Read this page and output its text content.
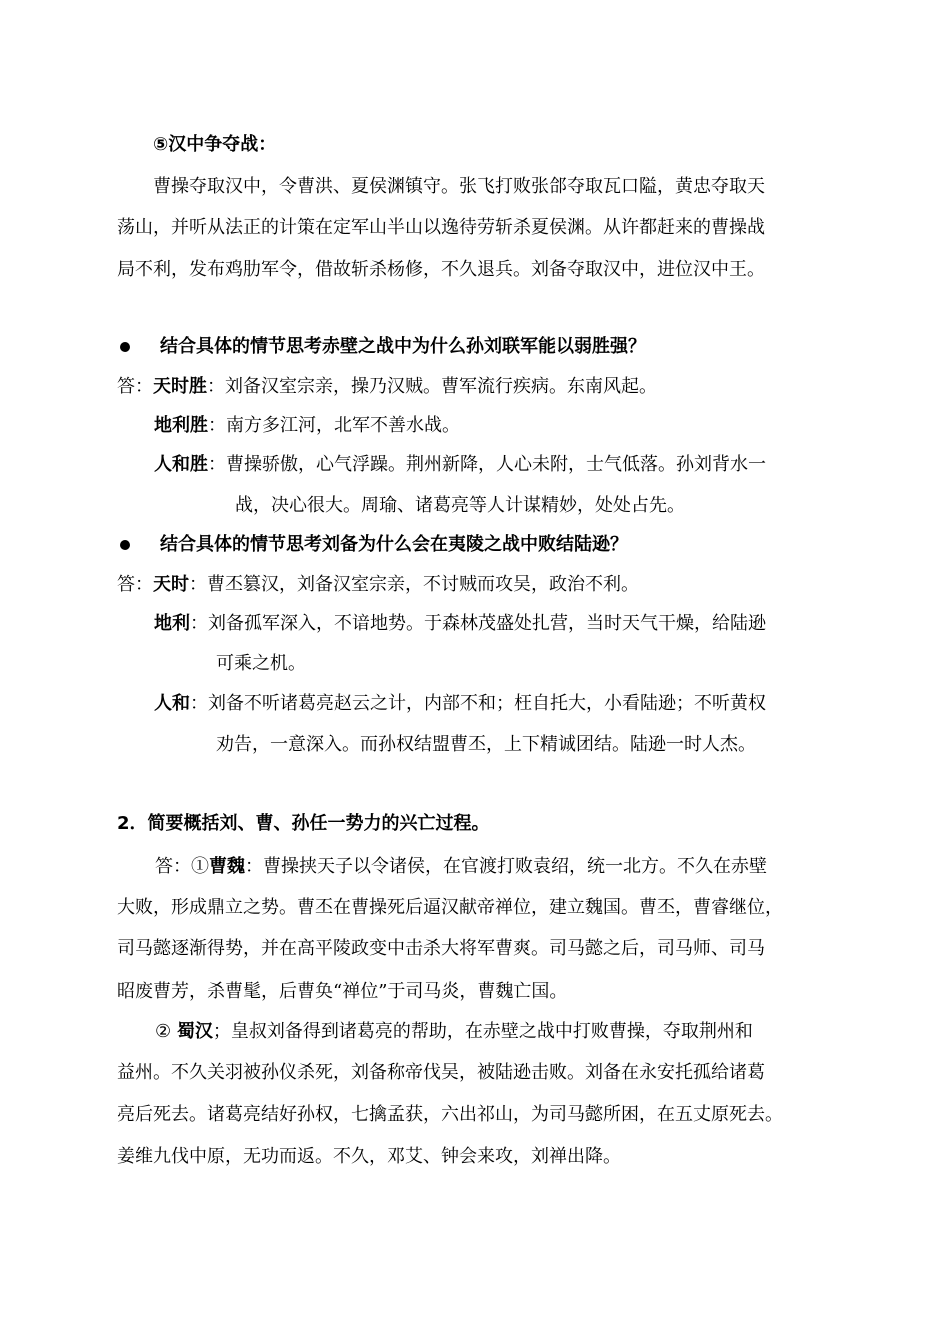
⑤汉中争夺战：
曹操夺取汉中，令曹洪、夏侯渊镇守。张飞打败张郃夺取瓦口隘，黄忠夺取天
荡山，并听从法正的计策在定军山半山以逸待劳斩杀夏侯渊。从许都赶来的曹操战
局不利，发布鸡肋军令，借故斩杀杨修，不久退兵。刘备夺取汉中，进位汉中王。
结合具体的情节思考赤壁之战中为什么孙刘联军能以弱胜强？
答：天时胜：刘备汉室宗亲，操乃汉贼。曹军流行疾病。东南风起。
地利胜：南方多江河，北军不善水战。
人和胜：曹操骄傲，心气浮躁。荆州新降，人心未附，士气低落。孙刘背水一
战，决心很大。周瑜、诸葛亮等人计谋精妙，处处占先。
结合具体的情节思考刘备为什么会在夷陵之战中败结陆逊？
答：天时：曹丕篡汉，刘备汉室宗亲，不讨贼而攻吴，政治不利。
地利：刘备孤军深入，不谙地势。于森林茂盛处扎营，当时天气干燥，给陆逊
可乘之机。
人和：刘备不听诸葛亮赵云之计，内部不和；枉自托大，小看陆逊；不听黄权
劝告，一意深入。而孙权结盟曹丕，上下精诚团结。陆逊一时人杰。
2．简要概括刘、曹、孙任一势力的兴亡过程。
答：①曹魏：曹操挟天子以令诸侯，在官渡打败袁绍，统一北方。不久在赤壁
大败，形成鼎立之势。曹丕在曹操死后逼汉献帝禅位，建立魏国。曹丕，曹睿继位，
司马懿逐渐得势，并在高平陵政变中击杀大将军曹爽。司马懿之后，司马师、司马
昭废曹芳，杀曹髦，后曹奂“禅位”于司马炎，曹魏亡国。
② 蜀汉；皇叔刘备得到诸葛亮的帮助，在赤壁之战中打败曹操，夺取荆州和
益州。不久关羽被孙仪杀死，刘备称帝伐吴，被陆逊击败。刘备在永安托孤给诸葛
亮后死去。诸葛亮结好孙权，七擒孟获，六出祁山，为司马懿所困，在五丈原死去。
姜维九伐中原，无功而返。不久，邓艾、钟会来攻，刘禅出降。
